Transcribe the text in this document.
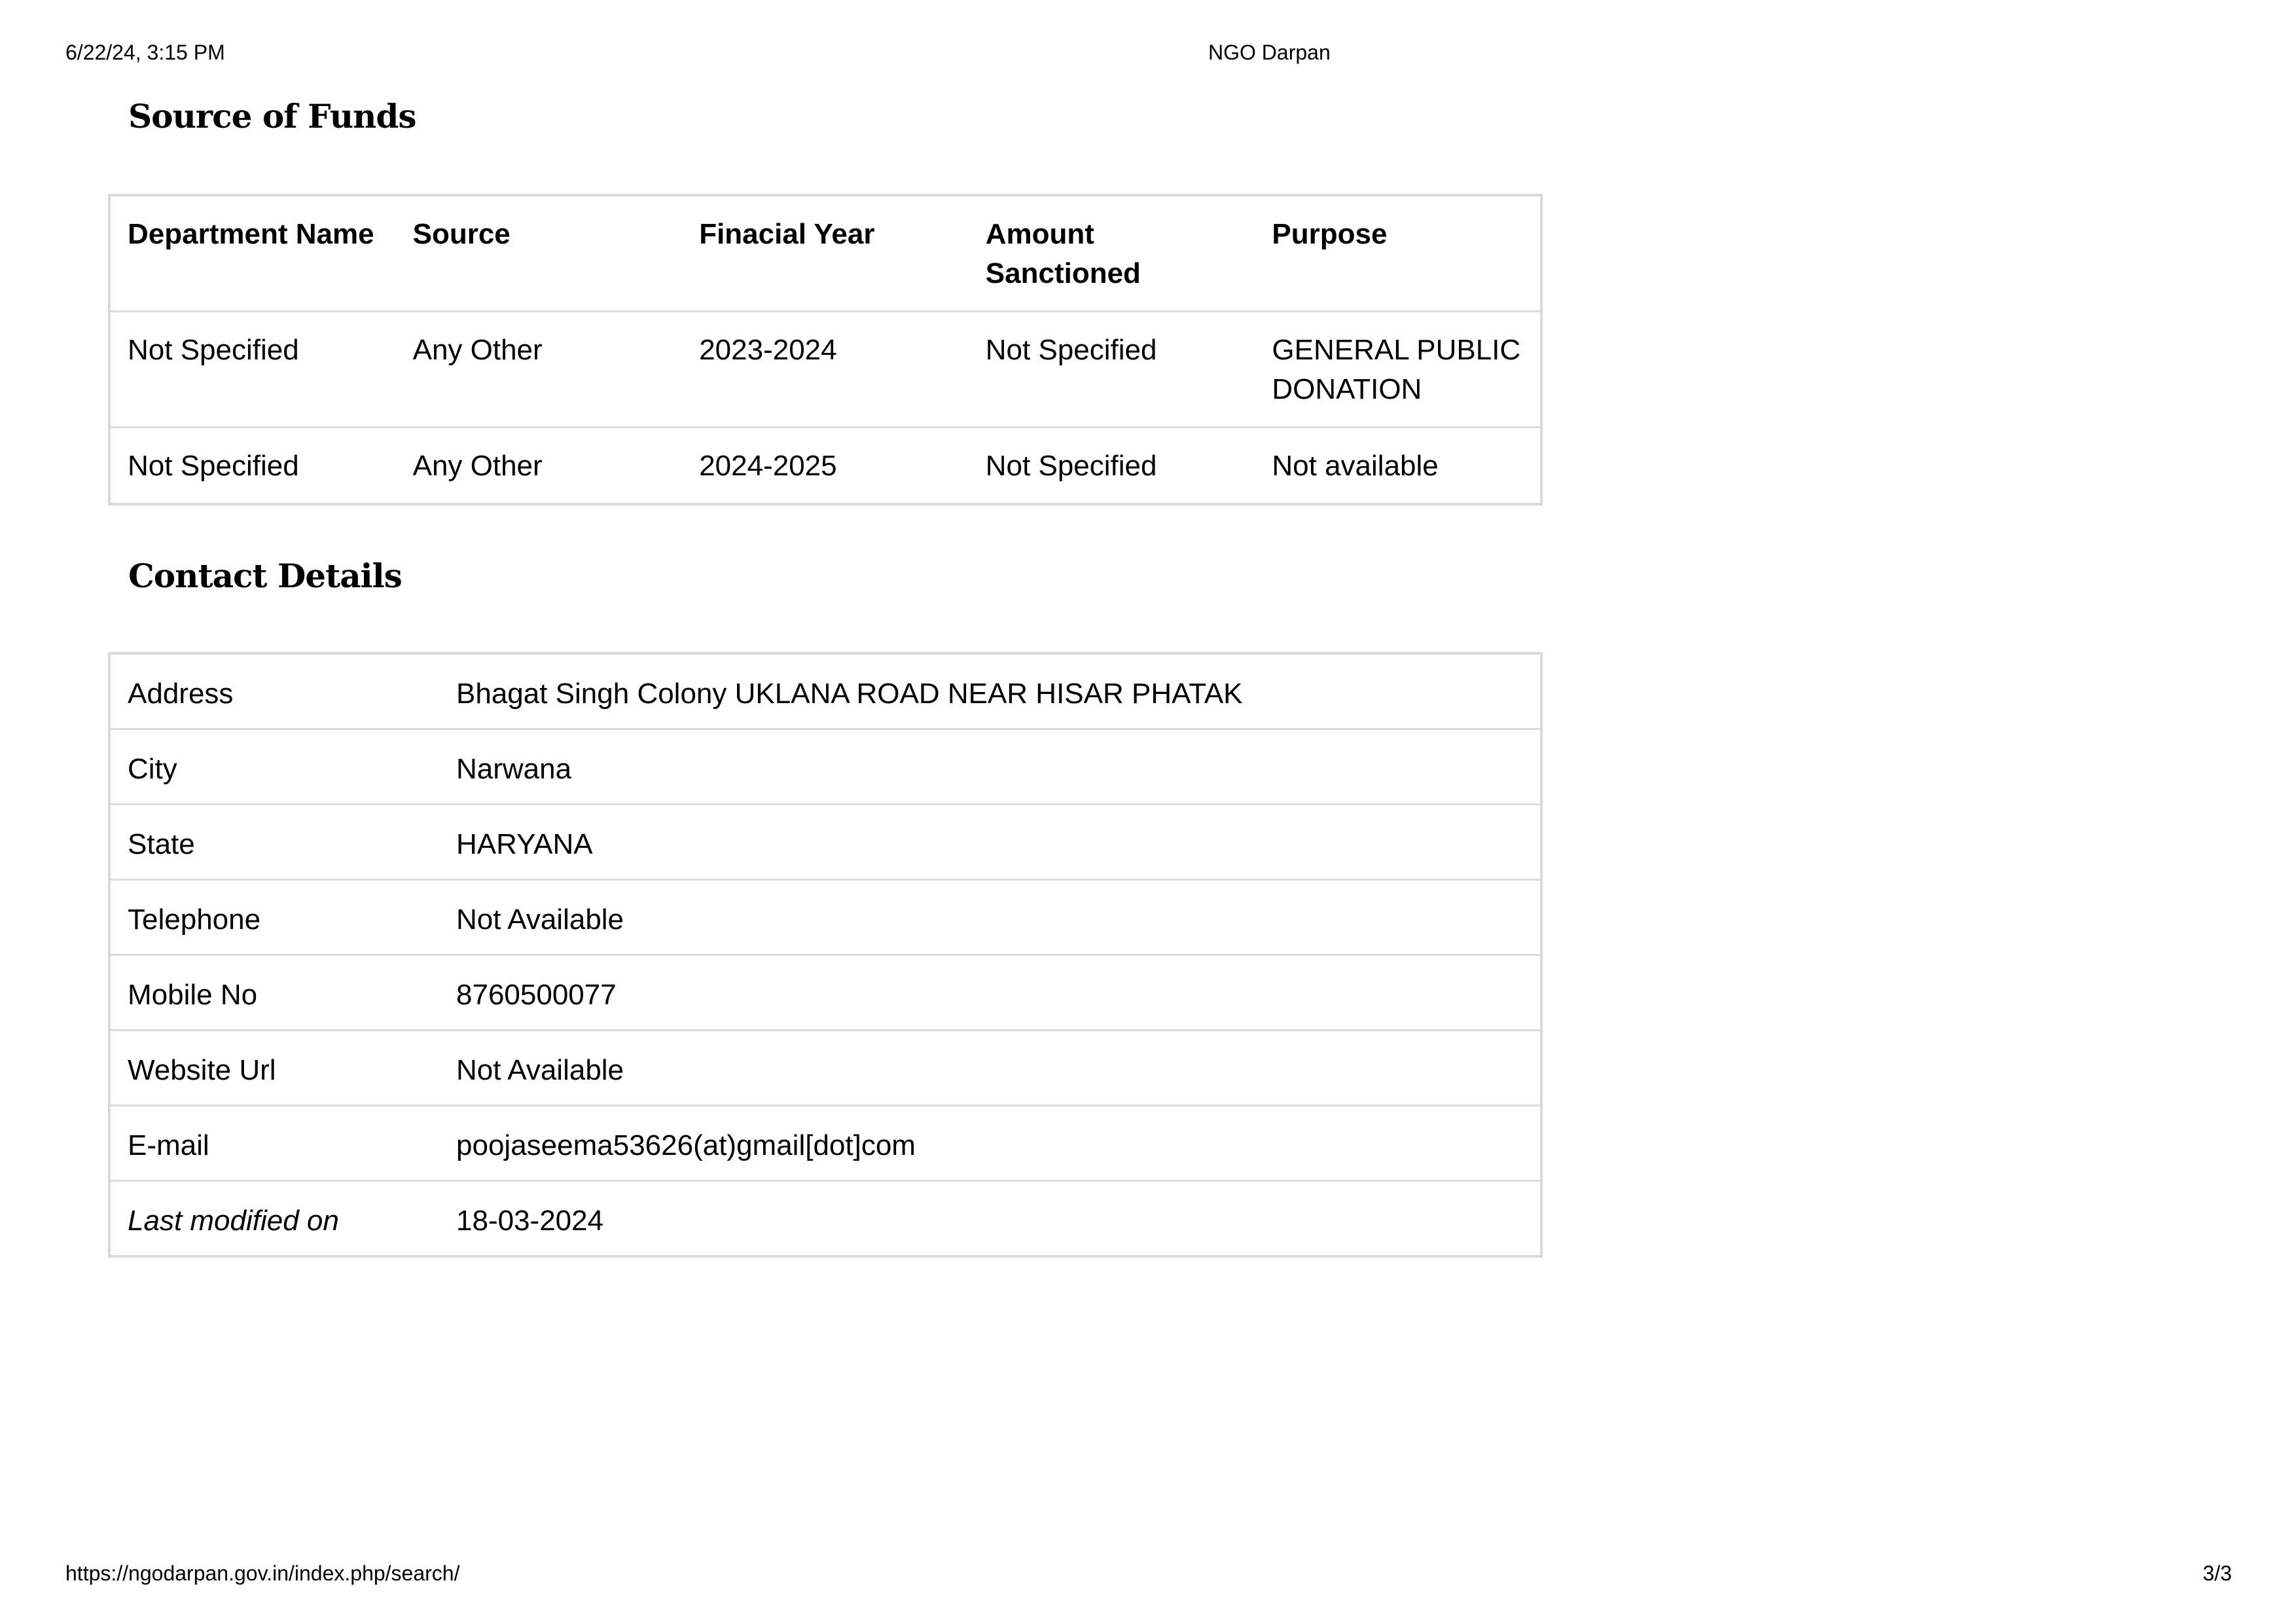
6/22/24, 3:15 PM	NGO Darpan
Source of Funds
Department Name	Source	Finacial Year	Amount Sanctioned	Purpose
Not Specified	Any Other	2023-2024	Not Specified	GENERAL PUBLIC DONATION
Not Specified	Any Other	2024-2025	Not Specified	Not available
Contact Details
Address	Bhagat Singh Colony UKLANA ROAD NEAR HISAR PHATAK
City	Narwana
State	HARYANA
Telephone	Not Available
Mobile No	8760500077
Website Url	Not Available
E-mail	poojaseema53626(at)gmail[dot]com
Last modified on	18-03-2024
https://ngodarpan.gov.in/index.php/search/	3/3
